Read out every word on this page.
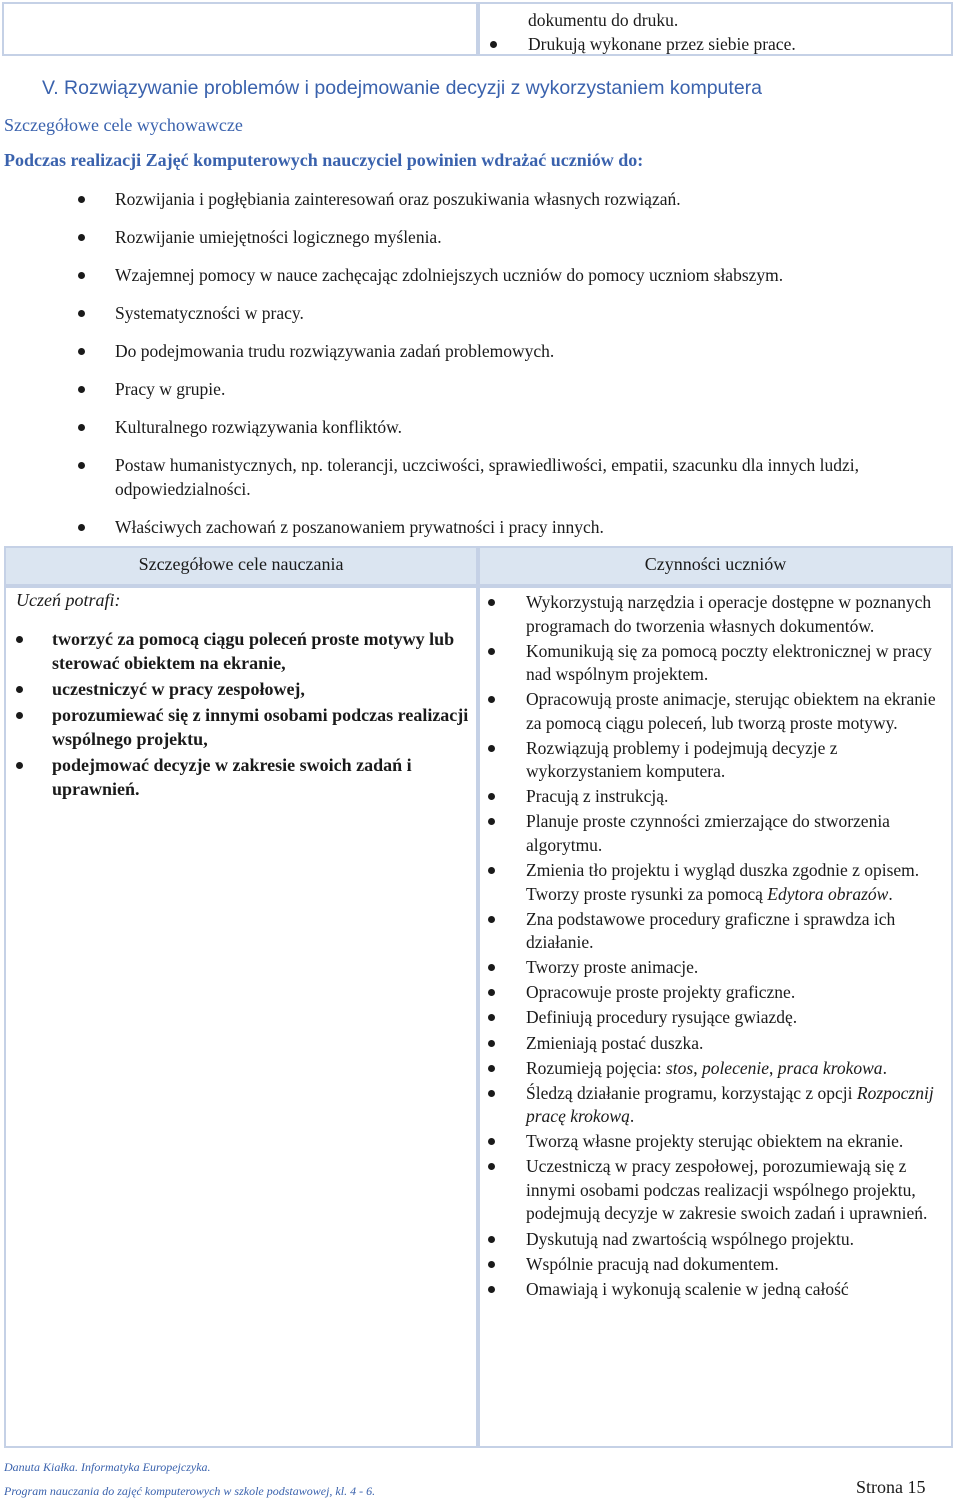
dokumentu do druku.
Drukują wykonane przez siebie prace.
V. Rozwiązywanie problemów i podejmowanie decyzji z wykorzystaniem komputera
Szczegółowe cele wychowawcze
Podczas realizacji Zajęć komputerowych nauczyciel powinien wdrażać uczniów do:
Rozwijania i pogłębiania zainteresowań oraz poszukiwania własnych rozwiązań.
Rozwijanie umiejętności logicznego myślenia.
Wzajemnej pomocy w nauce zachęcając zdolniejszych uczniów do pomocy uczniom słabszym.
Systematyczności w pracy.
Do podejmowania trudu rozwiązywania zadań problemowych.
Pracy w grupie.
Kulturalnego rozwiązywania konfliktów.
Postaw humanistycznych, np. tolerancji, uczciwości, sprawiedliwości, empatii, szacunku dla innych ludzi, odpowiedzialności.
Właściwych zachowań z poszanowaniem prywatności i pracy innych.
Szczegółowe cele nauczania	Czynności uczniów
Uczeń potrafi:
tworzyć za pomocą ciągu poleceń proste motywy lub sterować obiektem na ekranie,
uczestniczyć w pracy zespołowej,
porozumiewać się z innymi osobami podczas realizacji wspólnego projektu,
podejmować decyzje w zakresie swoich zadań i uprawnień.
Wykorzystują narzędzia i operacje dostępne w poznanych programach do tworzenia własnych dokumentów.
Komunikują się za pomocą poczty elektronicznej w pracy nad wspólnym projektem.
Opracowują proste animacje, sterując obiektem na ekranie za pomocą ciągu poleceń, lub tworzą proste motywy.
Rozwiązują problemy i podejmują decyzje z wykorzystaniem komputera.
Pracują z instrukcją.
Planuje proste czynności zmierzające do stworzenia algorytmu.
Zmienia tło projektu i wygląd duszka zgodnie z opisem. Tworzy proste rysunki za pomocą Edytora obrazów.
Zna podstawowe procedury graficzne i sprawdza ich działanie.
Tworzy proste animacje.
Opracowuje proste projekty graficzne.
Definiują procedury rysujące gwiazdę.
Zmieniają postać duszka.
Rozumieją pojęcia: stos, polecenie, praca krokowa.
Śledzą działanie programu, korzystając z opcji Rozpocznij pracę krokową.
Tworzą własne projekty sterując obiektem na ekranie.
Uczestniczą w pracy zespołowej, porozumiewają się z innymi osobami podczas realizacji wspólnego projektu, podejmują decyzje w zakresie swoich zadań i uprawnień.
Dyskutują nad zwartością wspólnego projektu.
Wspólnie pracują nad dokumentem.
Omawiają i wykonują scalenie w jedną całość
Danuta Kiałka. Informatyka Europejczyka.
Program nauczania do zajęć komputerowych w szkole podstawowej, kl. 4 - 6.	Strona 15
